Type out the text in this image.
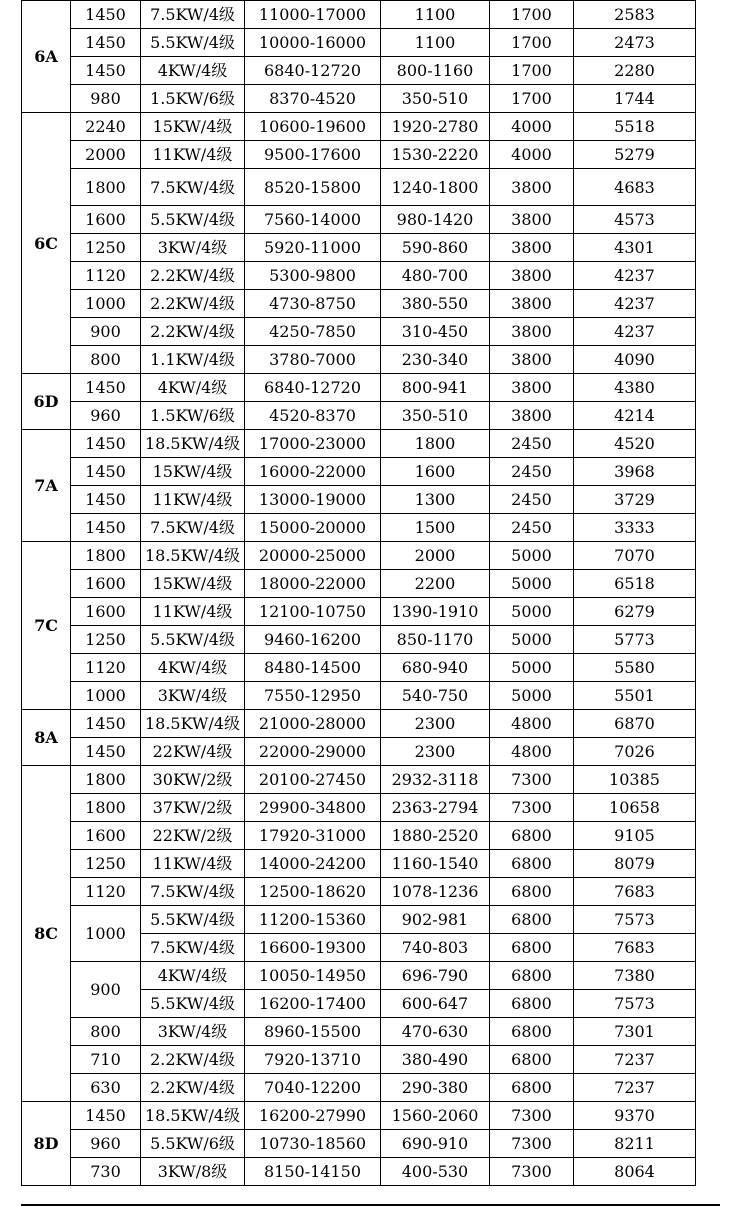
6A	1450	7.5KW/4级	11000-17000	1100	1700	2583
	1450	5.5KW/4级	10000-16000	1100	1700	2473
	1450	4KW/4级	6840-12720	800-1160	1700	2280
	980	1.5KW/6级	8370-4520	350-510	1700	1744
6C	2240	15KW/4级	10600-19600	1920-2780	4000	5518
	2000	11KW/4级	9500-17600	1530-2220	4000	5279
	1800	7.5KW/4级	8520-15800	1240-1800	3800	4683
	1600	5.5KW/4级	7560-14000	980-1420	3800	4573
	1250	3KW/4级	5920-11000	590-860	3800	4301
	1120	2.2KW/4级	5300-9800	480-700	3800	4237
	1000	2.2KW/4级	4730-8750	380-550	3800	4237
	900	2.2KW/4级	4250-7850	310-450	3800	4237
	800	1.1KW/4级	3780-7000	230-340	3800	4090
6D	1450	4KW/4级	6840-12720	800-941	3800	4380
	960	1.5KW/6级	4520-8370	350-510	3800	4214
7A	1450	18.5KW/4级	17000-23000	1800	2450	4520
	1450	15KW/4级	16000-22000	1600	2450	3968
	1450	11KW/4级	13000-19000	1300	2450	3729
	1450	7.5KW/4级	15000-20000	1500	2450	3333
7C	1800	18.5KW/4级	20000-25000	2000	5000	7070
	1600	15KW/4级	18000-22000	2200	5000	6518
	1600	11KW/4级	12100-10750	1390-1910	5000	6279
	1250	5.5KW/4级	9460-16200	850-1170	5000	5773
	1120	4KW/4级	8480-14500	680-940	5000	5580
	1000	3KW/4级	7550-12950	540-750	5000	5501
8A	1450	18.5KW/4级	21000-28000	2300	4800	6870
	1450	22KW/4级	22000-29000	2300	4800	7026
8C	1800	30KW/2级	20100-27450	2932-3118	7300	10385
	1800	37KW/2级	29900-34800	2363-2794	7300	10658
	1600	22KW/2级	17920-31000	1880-2520	6800	9105
	1250	11KW/4级	14000-24200	1160-1540	6800	8079
	1120	7.5KW/4级	12500-18620	1078-1236	6800	7683
	1000	5.5KW/4级	11200-15360	902-981	6800	7573
		7.5KW/4级	16600-19300	740-803	6800	7683
	900	4KW/4级	10050-14950	696-790	6800	7380
		5.5KW/4级	16200-17400	600-647	6800	7573
	800	3KW/4级	8960-15500	470-630	6800	7301
	710	2.2KW/4级	7920-13710	380-490	6800	7237
	630	2.2KW/4级	7040-12200	290-380	6800	7237
8D	1450	18.5KW/4级	16200-27990	1560-2060	7300	9370
	960	5.5KW/6级	10730-18560	690-910	7300	8211
	730	3KW/8级	8150-14150	400-530	7300	8064
